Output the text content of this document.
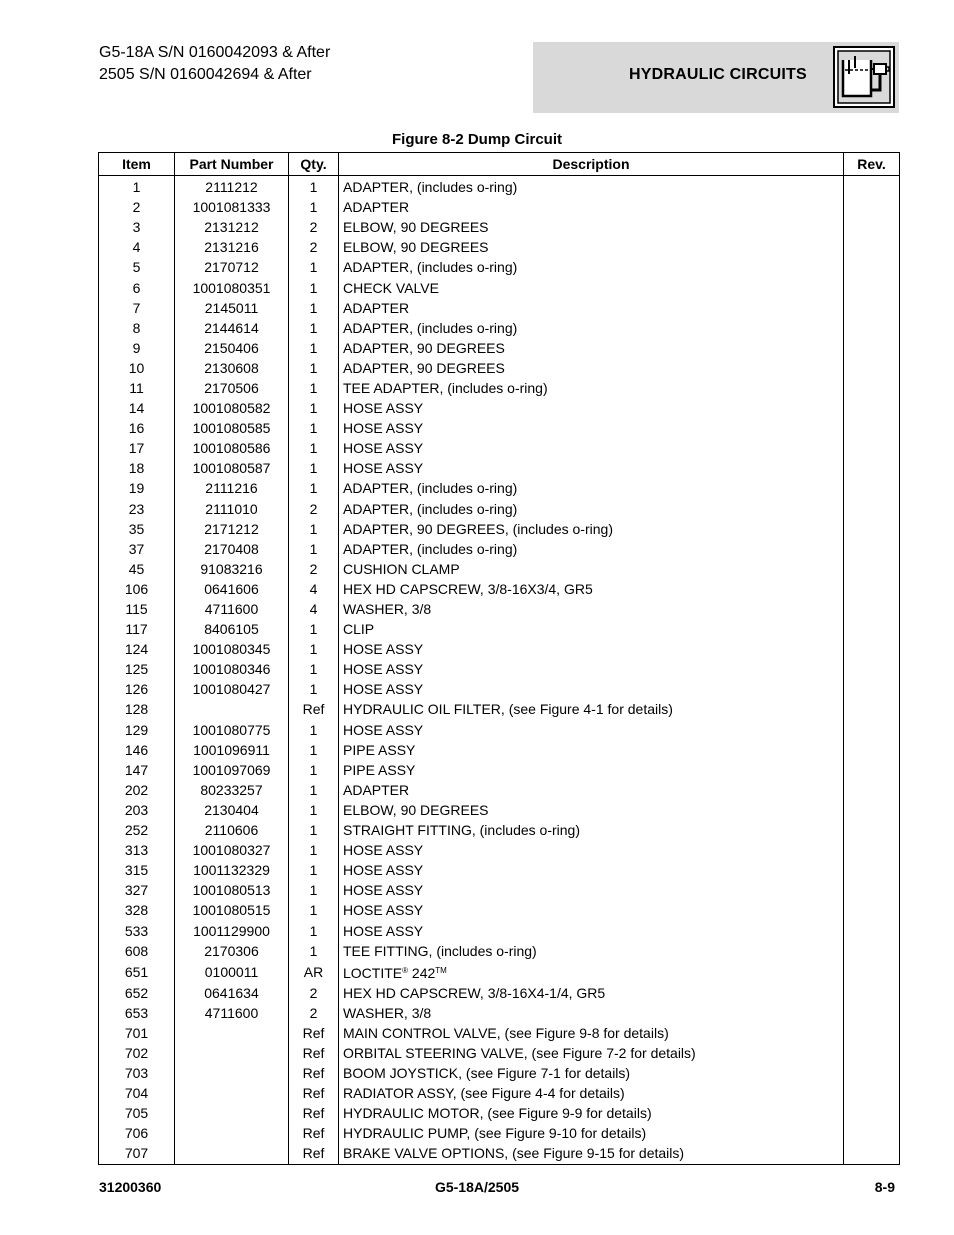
G5-18A S/N 0160042093 & After
2505 S/N 0160042694 & After	HYDRAULIC CIRCUITS
Figure 8-2 Dump Circuit
Item	Part Number	Qty.	Description	Rev.
1	2111212	1	ADAPTER, (includes o-ring)	
2	1001081333	1	ADAPTER	
3	2131212	2	ELBOW, 90 DEGREES	
4	2131216	2	ELBOW, 90 DEGREES	
5	2170712	1	ADAPTER, (includes o-ring)	
6	1001080351	1	CHECK VALVE	
7	2145011	1	ADAPTER	
8	2144614	1	ADAPTER, (includes o-ring)	
9	2150406	1	ADAPTER, 90 DEGREES	
10	2130608	1	ADAPTER, 90 DEGREES	
11	2170506	1	TEE ADAPTER, (includes o-ring)	
14	1001080582	1	HOSE ASSY	
16	1001080585	1	HOSE ASSY	
17	1001080586	1	HOSE ASSY	
18	1001080587	1	HOSE ASSY	
19	2111216	1	ADAPTER, (includes o-ring)	
23	2111010	2	ADAPTER, (includes o-ring)	
35	2171212	1	ADAPTER, 90 DEGREES, (includes o-ring)	
37	2170408	1	ADAPTER, (includes o-ring)	
45	91083216	2	CUSHION CLAMP	
106	0641606	4	HEX HD CAPSCREW, 3/8-16X3/4, GR5	
115	4711600	4	WASHER, 3/8	
117	8406105	1	CLIP	
124	1001080345	1	HOSE ASSY	
125	1001080346	1	HOSE ASSY	
126	1001080427	1	HOSE ASSY	
128		Ref	HYDRAULIC OIL FILTER, (see Figure 4-1 for details)	
129	1001080775	1	HOSE ASSY	
146	1001096911	1	PIPE ASSY	
147	1001097069	1	PIPE ASSY	
202	80233257	1	ADAPTER	
203	2130404	1	ELBOW, 90 DEGREES	
252	2110606	1	STRAIGHT FITTING, (includes o-ring)	
313	1001080327	1	HOSE ASSY	
315	1001132329	1	HOSE ASSY	
327	1001080513	1	HOSE ASSY	
328	1001080515	1	HOSE ASSY	
533	1001129900	1	HOSE ASSY	
608	2170306	1	TEE FITTING, (includes o-ring)	
651	0100011	AR	LOCTITE® 242™	
652	0641634	2	HEX HD CAPSCREW, 3/8-16X4-1/4, GR5	
653	4711600	2	WASHER, 3/8	
701		Ref	MAIN CONTROL VALVE, (see Figure 9-8 for details)	
702		Ref	ORBITAL STEERING VALVE, (see Figure 7-2 for details)	
703		Ref	BOOM JOYSTICK, (see Figure 7-1 for details)	
704		Ref	RADIATOR ASSY, (see Figure 4-4 for details)	
705		Ref	HYDRAULIC MOTOR, (see Figure 9-9 for details)	
706		Ref	HYDRAULIC PUMP, (see Figure 9-10 for details)	
707		Ref	BRAKE VALVE OPTIONS, (see Figure 9-15 for details)	
31200360	G5-18A/2505	8-9
